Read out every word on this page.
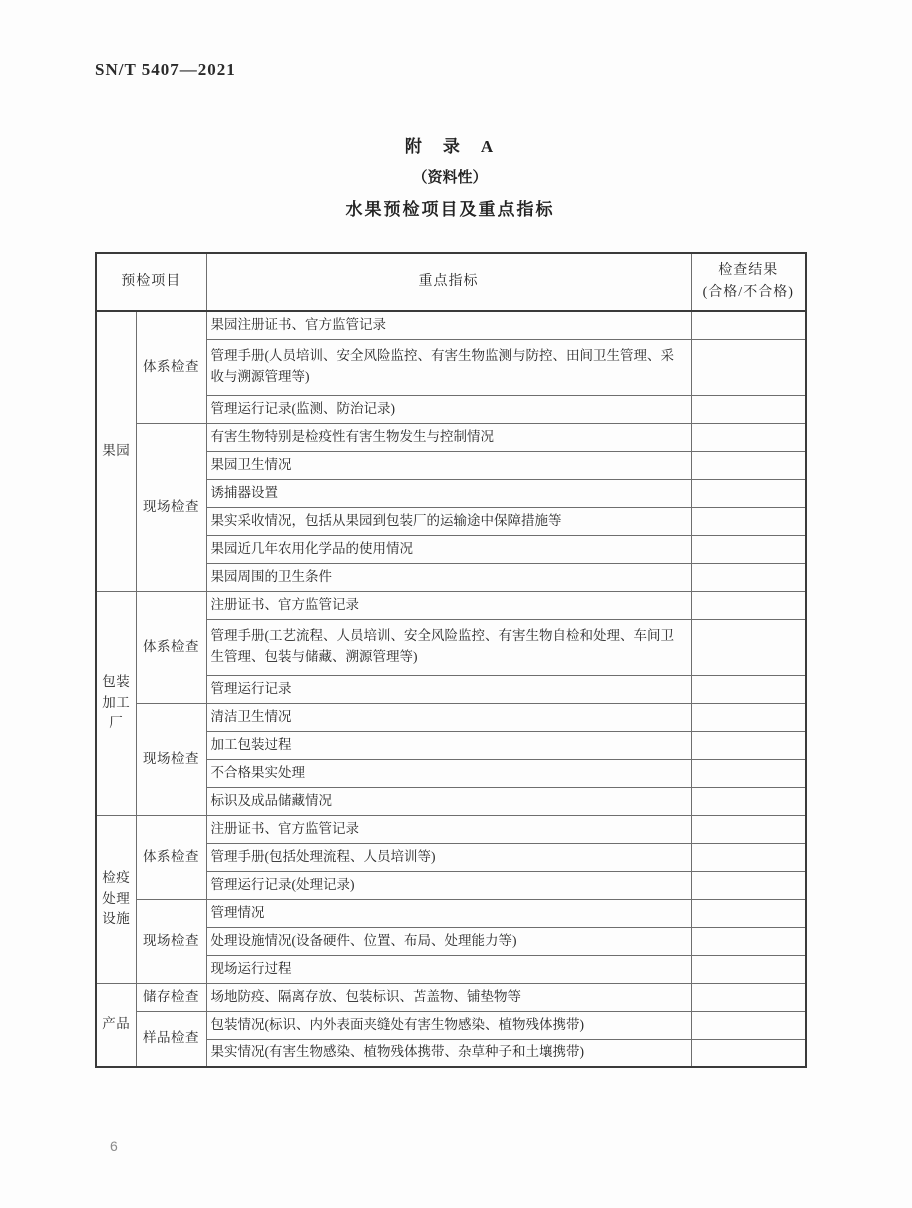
SN/T 5407—2021
附　录　A
（资料性）
水果预检项目及重点指标
预检项目		重点指标	检查结果
(合格/不合格)

果园	体系检查	果园注册证书、官方监管记录	
		管理手册(人员培训、安全风险监控、有害生物监测与防控、田间卫生管理、采收与溯源管理等)	
		管理运行记录(监测、防治记录)	
	现场检查	有害生物特别是检疫性有害生物发生与控制情况	
		果园卫生情况	
		诱捕器设置	
		果实采收情况，包括从果园到包装厂的运输途中保障措施等	
		果园近几年农用化学品的使用情况	
		果园周围的卫生条件	
包装加工厂	体系检查	注册证书、官方监管记录	
		管理手册(工艺流程、人员培训、安全风险监控、有害生物自检和处理、车间卫生管理、包装与储藏、溯源管理等)	
		管理运行记录	
	现场检查	清洁卫生情况	
		加工包装过程	
		不合格果实处理	
		标识及成品储藏情况	
检疫处理设施	体系检查	注册证书、官方监管记录	
		管理手册(包括处理流程、人员培训等)	
		管理运行记录(处理记录)	
	现场检查	管理情况	
		处理设施情况(设备硬件、位置、布局、处理能力等)	
		现场运行过程	
产品	储存检查	场地防疫、隔离存放、包装标识、苫盖物、铺垫物等	
	样品检查	包装情况(标识、内外表面夹缝处有害生物感染、植物残体携带)	
		果实情况(有害生物感染、植物残体携带、杂草种子和土壤携带)	
6
